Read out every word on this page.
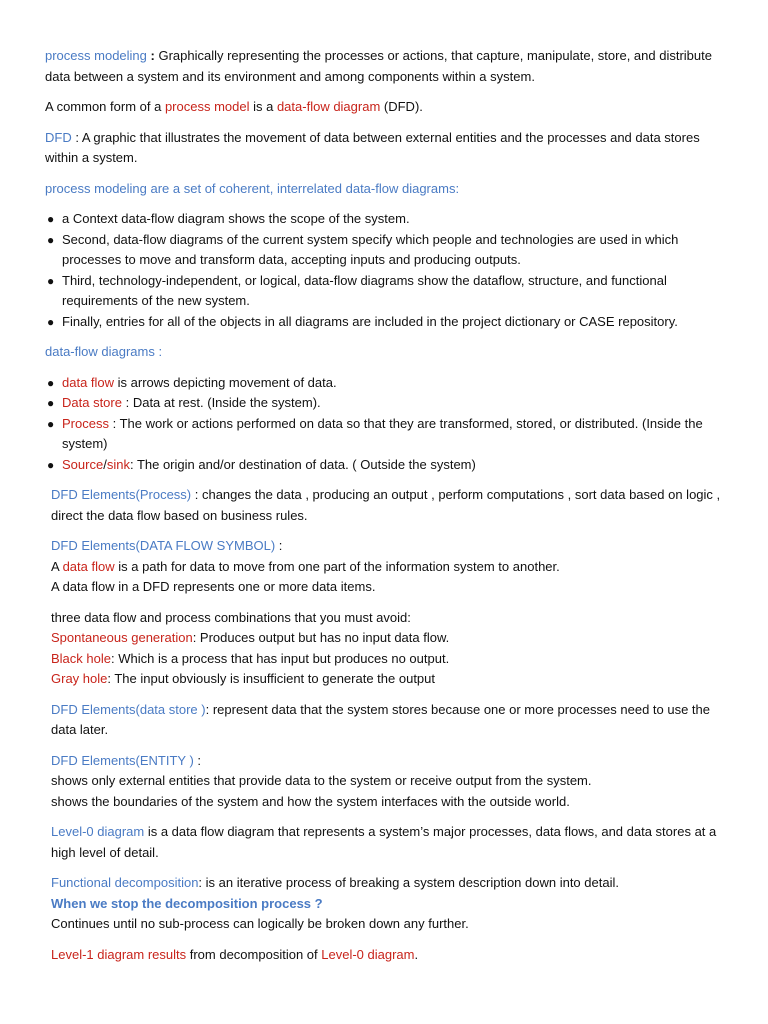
process modeling : Graphically representing the processes or actions, that capture, manipulate, store, and distribute data between a system and its environment and among components within a system.

A common form of a process model is a data-flow diagram (DFD).

DFD : A graphic that illustrates the movement of data between external entities and the processes and data stores within a system.

process modeling are a set of coherent, interrelated data-flow diagrams:

● a Context data-flow diagram shows the scope of the system.
● Second, data-flow diagrams of the current system specify which people and technologies are used in which processes to move and transform data, accepting inputs and producing outputs.
● Third, technology-independent, or logical, data-flow diagrams show the dataflow, structure, and functional requirements of the new system.
● Finally, entries for all of the objects in all diagrams are included in the project dictionary or CASE repository.

data-flow diagrams :

● data flow is arrows depicting movement of data.
● Data store : Data at rest. (Inside the system).
● Process : The work or actions performed on data so that they are transformed, stored, or distributed. (Inside the system)
● Source/sink: The origin and/or destination of data. ( Outside the system)

DFD Elements(Process) : changes the data , producing an output , perform computations , sort data based on logic , direct the data flow based on business rules.

DFD Elements(DATA FLOW SYMBOL) :

A data flow is a path for data to move from one part of the information system to another.

A data flow in a DFD represents one or more data items.

three data flow and process combinations that you must avoid:

Spontaneous generation: Produces output but has no input data flow.

Black hole: Which is a process that has input but produces no output.

Gray hole: The input obviously is insufficient to generate the output

DFD Elements(data store ): represent data that the system stores because one or more processes need to use the data later.

DFD Elements(ENTITY ) :

shows only external entities that provide data to the system or receive output from the system.

shows the boundaries of the system and how the system interfaces with the outside world.

Level-0 diagram is a data flow diagram that represents a system’s major processes, data flows, and data stores at a high level of detail.

Functional decomposition: is an iterative process of breaking a system description down into detail.

When we stop the decomposition process ?

Continues until no sub-process can logically be broken down any further.

Level-1 diagram results from decomposition of Level-0 diagram.
